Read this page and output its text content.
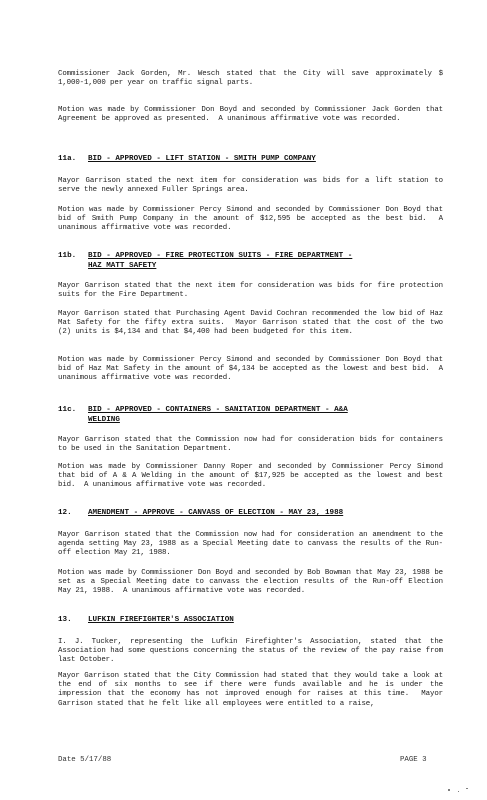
Commissioner Jack Gorden, Mr. Wesch stated that the City will save approximately $ 1,000-1,000 per year on traffic signal parts.
Motion was made by Commissioner Don Boyd and seconded by Commissioner Jack Gorden that Agreement be approved as presented.  A unanimous affirmative vote was recorded.
11a. BID - APPROVED - LIFT STATION - SMITH PUMP COMPANY
Mayor Garrison stated the next item for consideration was bids for a lift station to serve the newly annexed Fuller Springs area.
Motion was made by Commissioner Percy Simond and seconded by Commissioner Don Boyd that bid of Smith Pump Company in the amount of $12,595 be accepted as the best bid.  A unanimous affirmative vote was recorded.
11b. BID - APPROVED - FIRE PROTECTION SUITS - FIRE DEPARTMENT -
HAZ MATT SAFETY
Mayor Garrison stated that the next item for consideration was bids for fire protection suits for the Fire Department.
Mayor Garrison stated that Purchasing Agent David Cochran recommended the low bid of Haz Mat Safety for the fifty extra suits.  Mayor Garrison stated that the cost of the two (2) units is $4,134 and that $4,400 had been budgeted for this item.
Motion was made by Commissioner Percy Simond and seconded by Commissioner Don Boyd that bid of Haz Mat Safety in the amount of $4,134 be accepted as the lowest and best bid.  A unanimous affirmative vote was recorded.
11c. BID - APPROVED - CONTAINERS - SANITATION DEPARTMENT - A&A
WELDING
Mayor Garrison stated that the Commission now had for consideration bids for containers to be used in the Sanitation Department.
Motion was made by Commissioner Danny Roper and seconded by Commissioner Percy Simond that bid of A & A Welding in the amount of $17,925 be accepted as the lowest and best bid.  A unanimous affirmative vote was recorded.
12. AMENDMENT - APPROVE - CANVASS OF ELECTION - MAY 23, 1988
Mayor Garrison stated that the Commission now had for consideration an amendment to the agenda setting May 23, 1988 as a Special Meeting date to canvass the results of the Run-off election May 21, 1988.
Motion was made by Commissioner Don Boyd and seconded by Bob Bowman that May 23, 1988 be set as a Special Meeting date to canvass the election results of the Run-off Election May 21, 1988.  A unanimous affirmative vote was recorded.
13. LUFKIN FIREFIGHTER'S ASSOCIATION
I. J. Tucker, representing the Lufkin Firefighter's Association, stated that the Association had some questions concerning the status of the review of the pay raise from last October.
Mayor Garrison stated that the City Commission had stated that they would take a look at the end of six months to see if there were funds available and he is under the impression that the economy has not improved enough for raises at this time.  Mayor Garrison stated that he felt like all employees were entitled to a raise,
Date 5/17/88	PAGE 3
